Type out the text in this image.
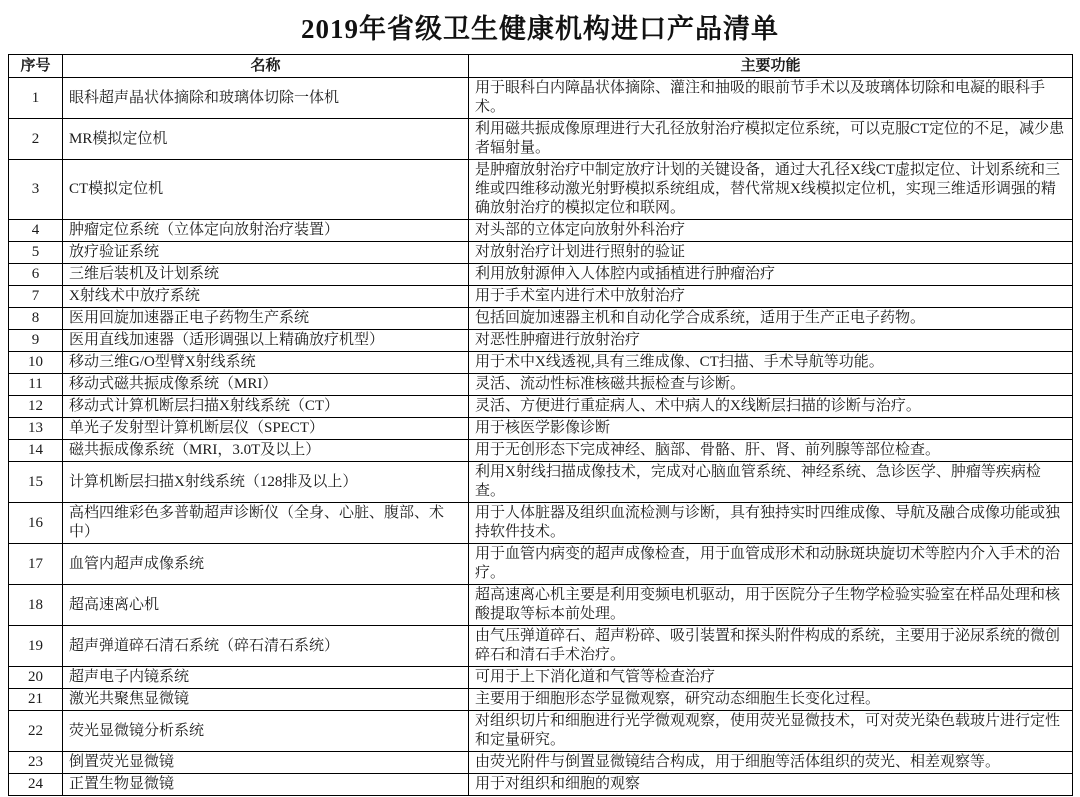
2019年省级卫生健康机构进口产品清单
序号	名称	主要功能
1	眼科超声晶状体摘除和玻璃体切除一体机	用于眼科白内障晶状体摘除、灌注和抽吸的眼前节手术以及玻璃体切除和电凝的眼科手术。
2	MR模拟定位机	利用磁共振成像原理进行大孔径放射治疗模拟定位系统，可以克服CT定位的不足，减少患者辐射量。
3	CT模拟定位机	是肿瘤放射治疗中制定放疗计划的关键设备，通过大孔径X线CT虚拟定位、计划系统和三维或四维移动激光射野模拟系统组成，替代常规X线模拟定位机，实现三维适形调强的精确放射治疗的模拟定位和联网。
4	肿瘤定位系统（立体定向放射治疗装置）	对头部的立体定向放射外科治疗
5	放疗验证系统	对放射治疗计划进行照射的验证
6	三维后装机及计划系统	利用放射源伸入人体腔内或插植进行肿瘤治疗
7	X射线术中放疗系统	用于手术室内进行术中放射治疗
8	医用回旋加速器正电子药物生产系统	包括回旋加速器主机和自动化学合成系统，适用于生产正电子药物。
9	医用直线加速器（适形调强以上精确放疗机型）	对恶性肿瘤进行放射治疗
10	移动三维G/O型臂X射线系统	用于术中X线透视,具有三维成像、CT扫描、手术导航等功能。
11	移动式磁共振成像系统（MRI）	灵活、流动性标准核磁共振检查与诊断。
12	移动式计算机断层扫描X射线系统（CT）	灵活、方便进行重症病人、术中病人的X线断层扫描的诊断与治疗。
13	单光子发射型计算机断层仪（SPECT）	用于核医学影像诊断
14	磁共振成像系统（MRI，3.0T及以上）	用于无创形态下完成神经、脑部、骨骼、肝、肾、前列腺等部位检查。
15	计算机断层扫描X射线系统（128排及以上）	利用X射线扫描成像技术，完成对心脑血管系统、神经系统、急诊医学、肿瘤等疾病检查。
16	高档四维彩色多普勒超声诊断仪（全身、心脏、腹部、术中）	用于人体脏器及组织血流检测与诊断，具有独持实时四维成像、导航及融合成像功能或独持软件技术。
17	血管内超声成像系统	用于血管内病变的超声成像检查，用于血管成形术和动脉斑块旋切术等腔内介入手术的治疗。
18	超高速离心机	超高速离心机主要是利用变频电机驱动，用于医院分子生物学检验实验室在样品处理和核酸提取等标本前处理。
19	超声弹道碎石清石系统（碎石清石系统）	由气压弹道碎石、超声粉碎、吸引装置和探头附件构成的系统，主要用于泌尿系统的微创碎石和清石手术治疗。
20	超声电子内镜系统	可用于上下消化道和气管等检查治疗
21	激光共聚焦显微镜	主要用于细胞形态学显微观察，研究动态细胞生长变化过程。
22	荧光显微镜分析系统	对组织切片和细胞进行光学微观观察，使用荧光显微技术，可对荧光染色载玻片进行定性和定量研究。
23	倒置荧光显微镜	由荧光附件与倒置显微镜结合构成，用于细胞等活体组织的荧光、相差观察等。
24	正置生物显微镜	用于对组织和细胞的观察
